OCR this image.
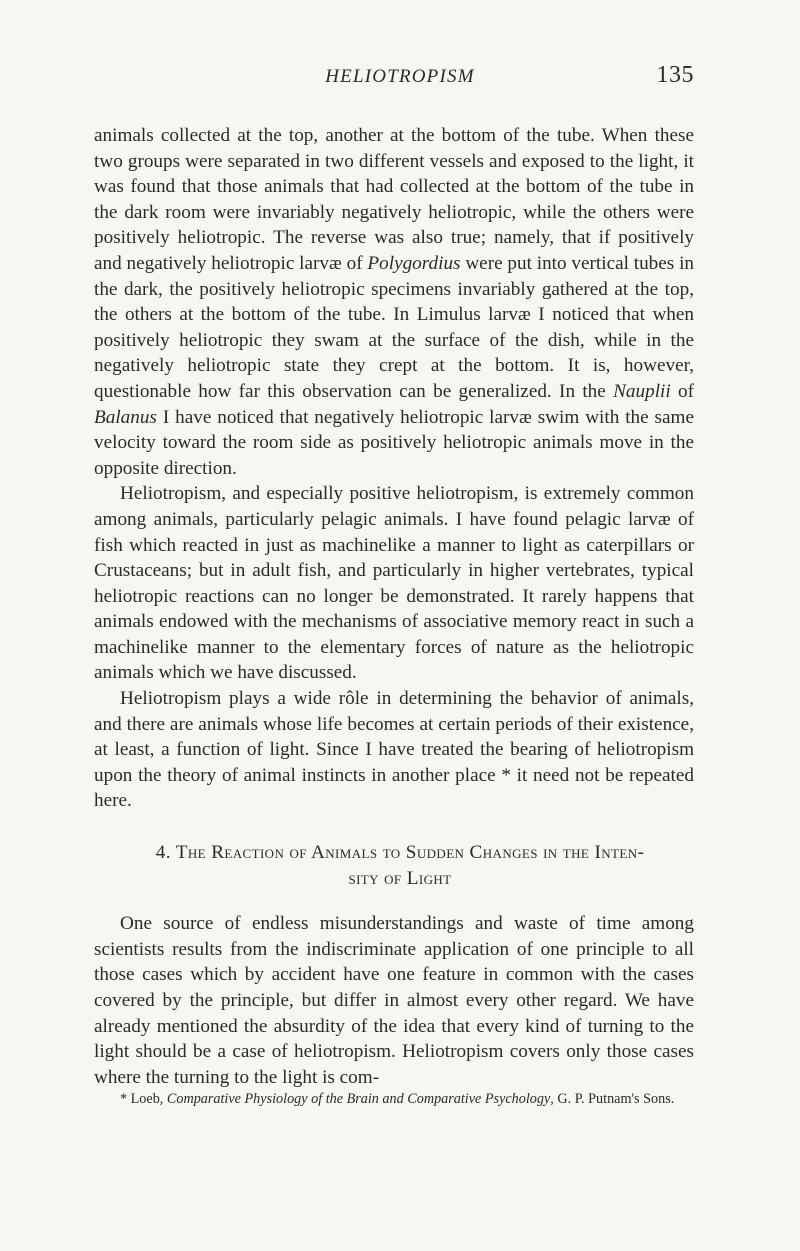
HELIOTROPISM	135

animals collected at the top, another at the bottom of the tube. When these two groups were separated in two different vessels and exposed to the light, it was found that those animals that had collected at the bottom of the tube in the dark room were invariably negatively heliotropic, while the others were positively heliotropic. The reverse was also true; namely, that if positively and negatively heliotropic larvæ of Polygordius were put into vertical tubes in the dark, the positively heliotropic specimens invariably gathered at the top, the others at the bottom of the tube. In Limulus larvæ I noticed that when positively heliotropic they swam at the surface of the dish, while in the negatively heliotropic state they crept at the bottom. It is, however, questionable how far this observation can be generalized. In the Nauplii of Balanus I have noticed that negatively heliotropic larvæ swim with the same velocity toward the room side as positively heliotropic animals move in the opposite direction.

Heliotropism, and especially positive heliotropism, is extremely common among animals, particularly pelagic animals. I have found pelagic larvæ of fish which reacted in just as machinelike a manner to light as caterpillars or Crustaceans; but in adult fish, and particularly in higher vertebrates, typical heliotropic reactions can no longer be demonstrated. It rarely happens that animals endowed with the mechanisms of associative memory react in such a machinelike manner to the elementary forces of nature as the heliotropic animals which we have discussed.

Heliotropism plays a wide rôle in determining the behavior of animals, and there are animals whose life becomes at certain periods of their existence, at least, a function of light. Since I have treated the bearing of heliotropism upon the theory of animal instincts in another place * it need not be repeated here.

4. The Reaction of Animals to Sudden Changes in the Inten-
sity of Light

One source of endless misunderstandings and waste of time among scientists results from the indiscriminate application of one principle to all those cases which by accident have one feature in common with the cases covered by the principle, but differ in almost every other regard. We have already mentioned the absurdity of the idea that every kind of turning to the light should be a case of heliotropism. Heliotropism covers only those cases where the turning to the light is com-

* Loeb, Comparative Physiology of the Brain and Comparative Psychology, G. P. Putnam's Sons.
